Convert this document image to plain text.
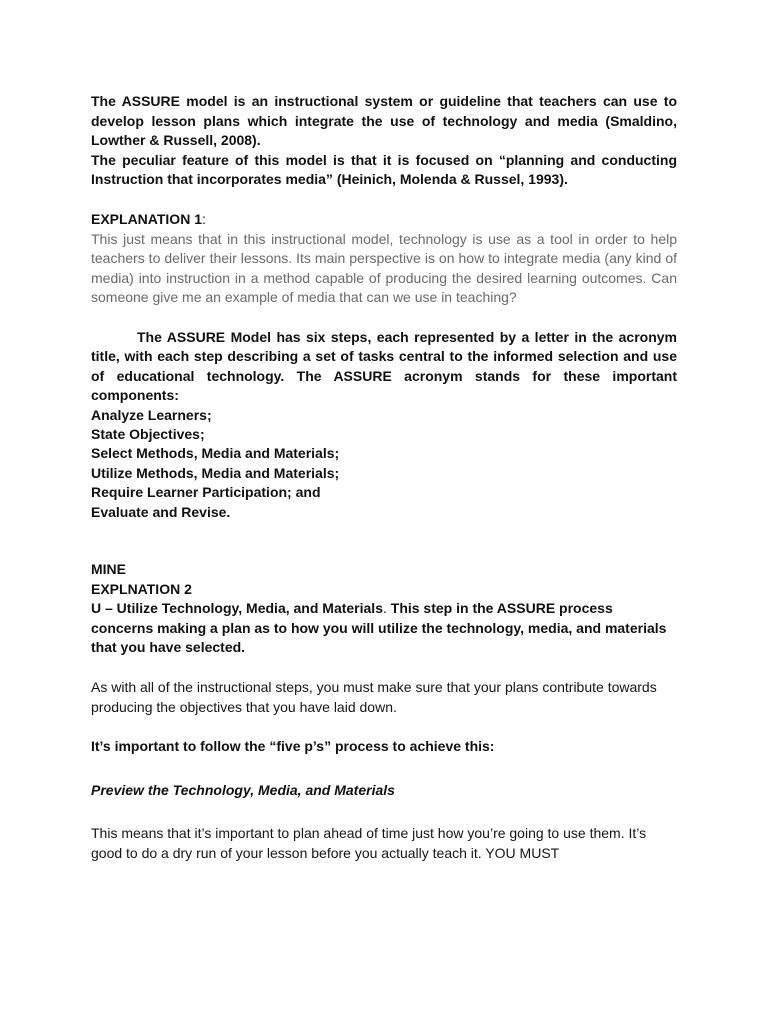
The ASSURE model is an instructional system or guideline that teachers can use to develop lesson plans which integrate the use of technology and media (Smaldino, Lowther & Russell, 2008).

The peculiar feature of this model is that it is focused on “planning and conducting Instruction that incorporates media” (Heinich, Molenda & Russel, 1993).

EXPLANATION 1:

This just means that in this instructional model, technology is use as a tool in order to help teachers to deliver their lessons. Its main perspective is on how to integrate media (any kind of media) into instruction in a method capable of producing the desired learning outcomes. Can someone give me an example of media that can we use in teaching?

The ASSURE Model has six steps, each represented by a letter in the acronym title, with each step describing a set of tasks central to the informed selection and use of educational technology. The ASSURE acronym stands for these important components:

Analyze Learners;
State Objectives;
Select Methods, Media and Materials;
Utilize Methods, Media and Materials;
Require Learner Participation; and
Evaluate and Revise.

MINE

EXPLNATION 2

U – Utilize Technology, Media, and Materials. This step in the ASSURE process concerns making a plan as to how you will utilize the technology, media, and materials that you have selected.

As with all of the instructional steps, you must make sure that your plans contribute towards producing the objectives that you have laid down.

It’s important to follow the “five p’s” process to achieve this:

Preview the Technology, Media, and Materials

This means that it’s important to plan ahead of time just how you’re going to use them. It’s good to do a dry run of your lesson before you actually teach it. YOU MUST
